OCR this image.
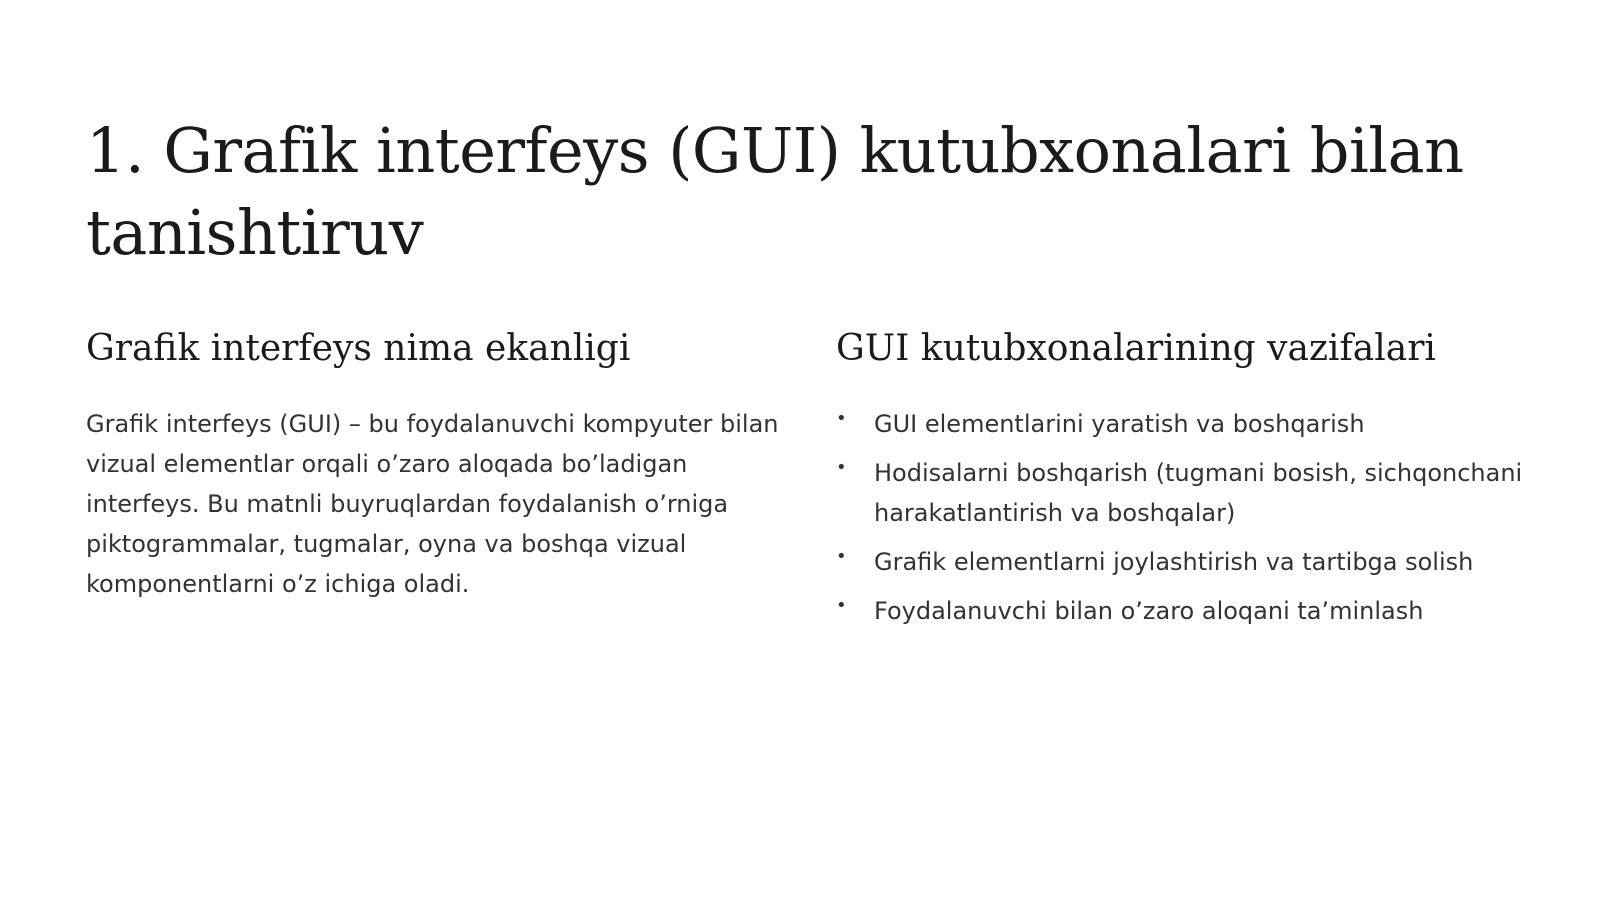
1. Grafik interfeys (GUI) kutubxonalari bilan tanishtiruv
Grafik interfeys nima ekanligi

Grafik interfeys (GUI) – bu foydalanuvchi kompyuter bilan vizual elementlar orqali o’zaro aloqada bo’ladigan interfeys. Bu matnli buyruqlardan foydalanish o’rniga piktogrammalar, tugmalar, oyna va boshqa vizual komponentlarni o’z ichiga oladi.

GUI kutubxonalarining vazifalari
• GUI elementlarini yaratish va boshqarish
• Hodisalarni boshqarish (tugmani bosish, sichqonchani harakatlantirish va boshqalar)
• Grafik elementlarni joylashtirish va tartibga solish
• Foydalanuvchi bilan o’zaro aloqani ta’minlash
